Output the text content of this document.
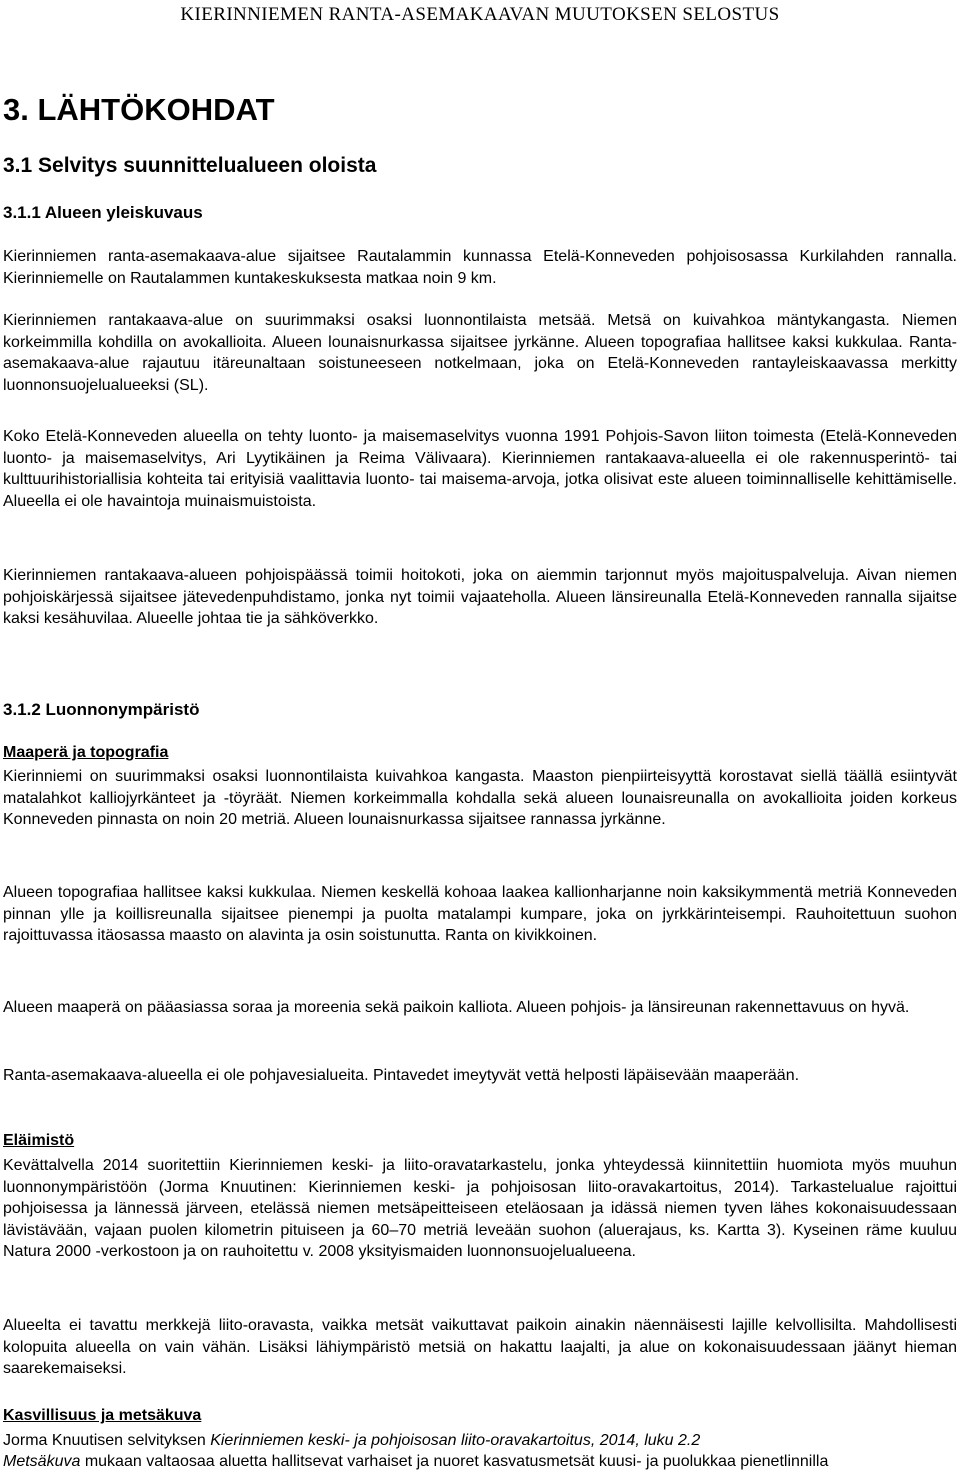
KIERINNIEMEN RANTA-ASEMAKAAVAN MUUTOKSEN SELOSTUS
3. LÄHTÖKOHDAT
3.1 Selvitys suunnittelualueen oloista
3.1.1 Alueen yleiskuvaus
Kierinniemen ranta-asemakaava-alue sijaitsee Rautalammin kunnassa Etelä-Konneveden pohjoisosassa Kurkilahden rannalla. Kierinniemelle on Rautalammen kuntakeskuksesta matkaa noin 9 km.
Kierinniemen rantakaava-alue on suurimmaksi osaksi luonnontilaista metsää. Metsä on kuivahkoa mäntykangasta. Niemen korkeimmilla kohdilla on avokallioita. Alueen lounaisnurkassa sijaitsee jyrkänne. Alueen topografiaa hallitsee kaksi kukkulaa. Ranta-asemakaava-alue rajautuu itäreunaltaan soistuneeseen notkelmaan, joka on Etelä-Konneveden rantayleiskaavassa merkitty luonnonsuojelualueeksi (SL).
Koko Etelä-Konneveden alueella on tehty luonto- ja maisemaselvitys vuonna 1991 Pohjois-Savon liiton toimesta (Etelä-Konneveden luonto- ja maisemaselvitys, Ari Lyytikäinen ja Reima Välivaara). Kierinniemen rantakaava-alueella ei ole rakennusperintö- tai kulttuurihistoriallisia kohteita tai erityisiä vaalittavia luonto- tai maisema-arvoja, jotka olisivat este alueen toiminnalliselle kehittämiselle. Alueella ei ole havaintoja muinaismuistoista.
Kierinniemen rantakaava-alueen pohjoispäässä toimii hoitokoti, joka on aiemmin tarjonnut myös majoituspalveluja. Aivan niemen pohjoiskärjessä sijaitsee jätevedenpuhdistamo, jonka nyt toimii vajaateholla. Alueen länsireunalla Etelä-Konneveden rannalla sijaitse kaksi kesähuvilaa. Alueelle johtaa tie ja sähköverkko.
3.1.2 Luonnonympäristö
Maaperä ja topografia
Kierinniemi on suurimmaksi osaksi luonnontilaista kuivahkoa kangasta. Maaston pienpiirteisyyttä korostavat siellä täällä esiintyvät matalahkot kalliojyrkänteet ja -töyräät. Niemen korkeimmalla kohdalla sekä alueen lounaisreunalla on avokallioita joiden korkeus Konneveden pinnasta on noin 20 metriä. Alueen lounaisnurkassa sijaitsee rannassa jyrkänne.
Alueen topografiaa hallitsee kaksi kukkulaa. Niemen keskellä kohoaa laakea kallionharjanne noin kaksikymmentä metriä Konneveden pinnan ylle ja koillisreunalla sijaitsee pienempi ja puolta matalampi kumpare, joka on jyrkkärinteisempi. Rauhoitettuun suohon rajoittuvassa itäosassa maasto on alavinta ja osin soistunutta. Ranta on kivikkoinen.
Alueen maaperä on pääasiassa soraa ja moreenia sekä paikoin kalliota. Alueen pohjois- ja länsireunan rakennettavuus on hyvä.
Ranta-asemakaava-alueella ei ole pohjavesialueita. Pintavedet imeytyvät vettä helposti läpäisevään maaperään.
Eläimistö
Kevättalvella 2014 suoritettiin Kierinniemen keski- ja liito-oravatarkastelu, jonka yhteydessä kiinnitettiin huomiota myös muuhun luonnonympäristöön (Jorma Knuutinen: Kierinniemen keski- ja pohjoisosan liito-oravakartoitus, 2014). Tarkastelualue rajoittui pohjoisessa ja lännessä järveen, etelässä niemen metsäpeitteiseen eteläosaan ja idässä niemen tyven lähes kokonaisuudessaan lävistävään, vajaan puolen kilometrin pituiseen ja 60–70 metriä leveään suohon (aluerajaus, ks. Kartta 3). Kyseinen räme kuuluu Natura 2000 -verkostoon ja on rauhoitettu v. 2008 yksityismaiden luonnonsuojelualueena.
Alueelta ei tavattu merkkejä liito-oravasta, vaikka metsät vaikuttavat paikoin ainakin näennäisesti lajille kelvollisilta. Mahdollisesti kolopuita alueella on vain vähän. Lisäksi lähiympäristö metsiä on hakattu laajalti, ja alue on kokonaisuudessaan jäänyt hieman saarekemaiseksi.
Kasvillisuus ja metsäkuva
Jorma Knuutisen selvityksen Kierinniemen keski- ja pohjoisosan liito-oravakartoitus, 2014, luku 2.2
Metsäkuva mukaan valtaosaa aluetta hallitsevat varhaiset ja nuoret kasvatusmetsät kuusi- ja puolukkaa pienetlinnilla
